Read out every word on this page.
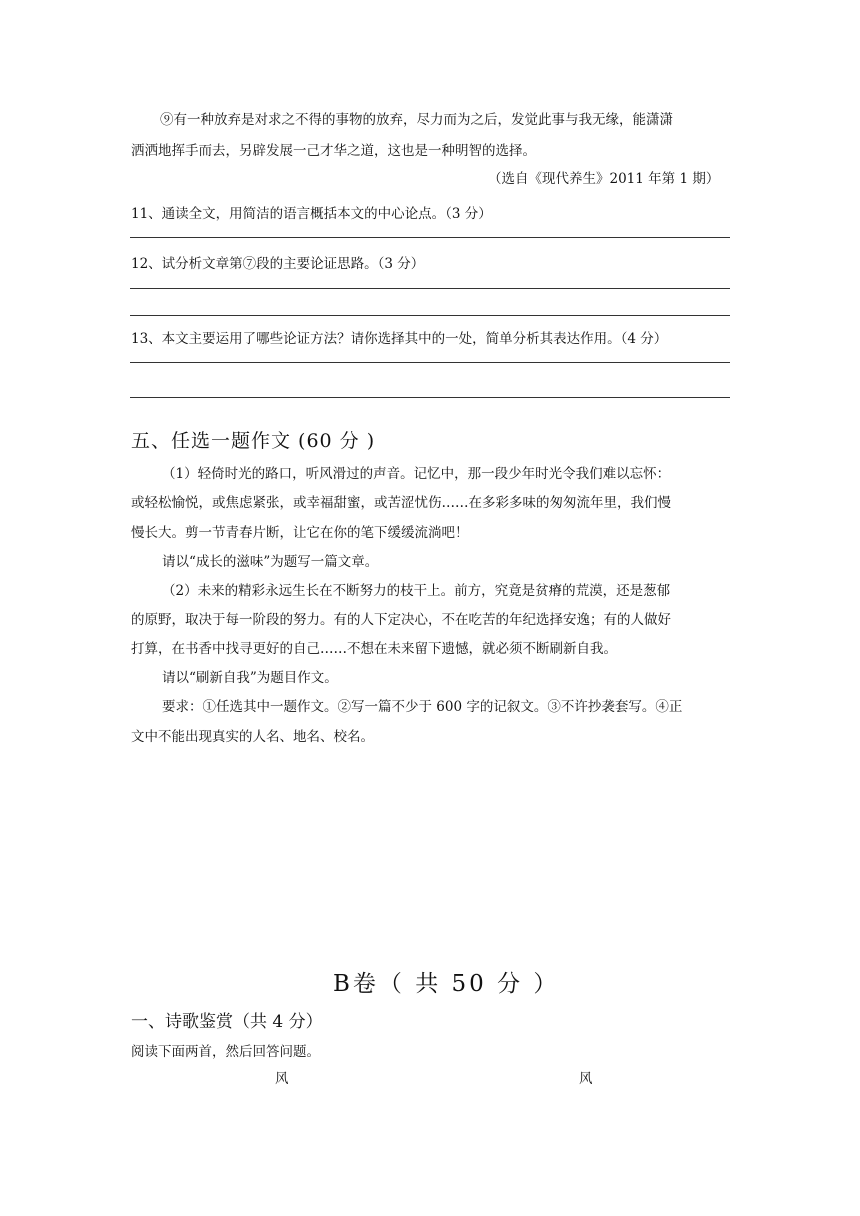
⑨有一种放弃是对求之不得的事物的放弃，尽力而为之后，发觉此事与我无缘，能潇潇
洒洒地挥手而去，另辟发展一己才华之道，这也是一种明智的选择。
（选自《现代养生》2011 年第 1 期）
11、通读全文，用简洁的语言概括本文的中心论点。（3 分）
12、试分析文章第⑦段的主要论证思路。（3 分）
13、本文主要运用了哪些论证方法？请你选择其中的一处，简单分析其表达作用。（4 分）
五、任选一题作文 (60 分 )
（1）轻倚时光的路口，听风滑过的声音。记忆中，那一段少年时光令我们难以忘怀：
或轻松愉悦，或焦虑紧张，或幸福甜蜜，或苦涩忧伤……在多彩多味的匆匆流年里，我们慢
慢长大。剪一节青春片断，让它在你的笔下缓缓流淌吧！
请以“成长的滋味”为题写一篇文章。
（2）未来的精彩永远生长在不断努力的枝干上。前方，究竟是贫瘠的荒漠，还是葱郁
的原野，取决于每一阶段的努力。有的人下定决心，不在吃苦的年纪选择安逸；有的人做好
打算，在书香中找寻更好的自己……不想在未来留下遗憾，就必须不断刷新自我。
请以“刷新自我”为题目作文。
要求：①任选其中一题作文。②写一篇不少于 600 字的记叙文。③不许抄袭套写。④正
文中不能出现真实的人名、地名、校名。
B卷（ 共 50 分 ）
一、诗歌鉴赏（共 4 分）
阅读下面两首，然后回答问题。
风	风
